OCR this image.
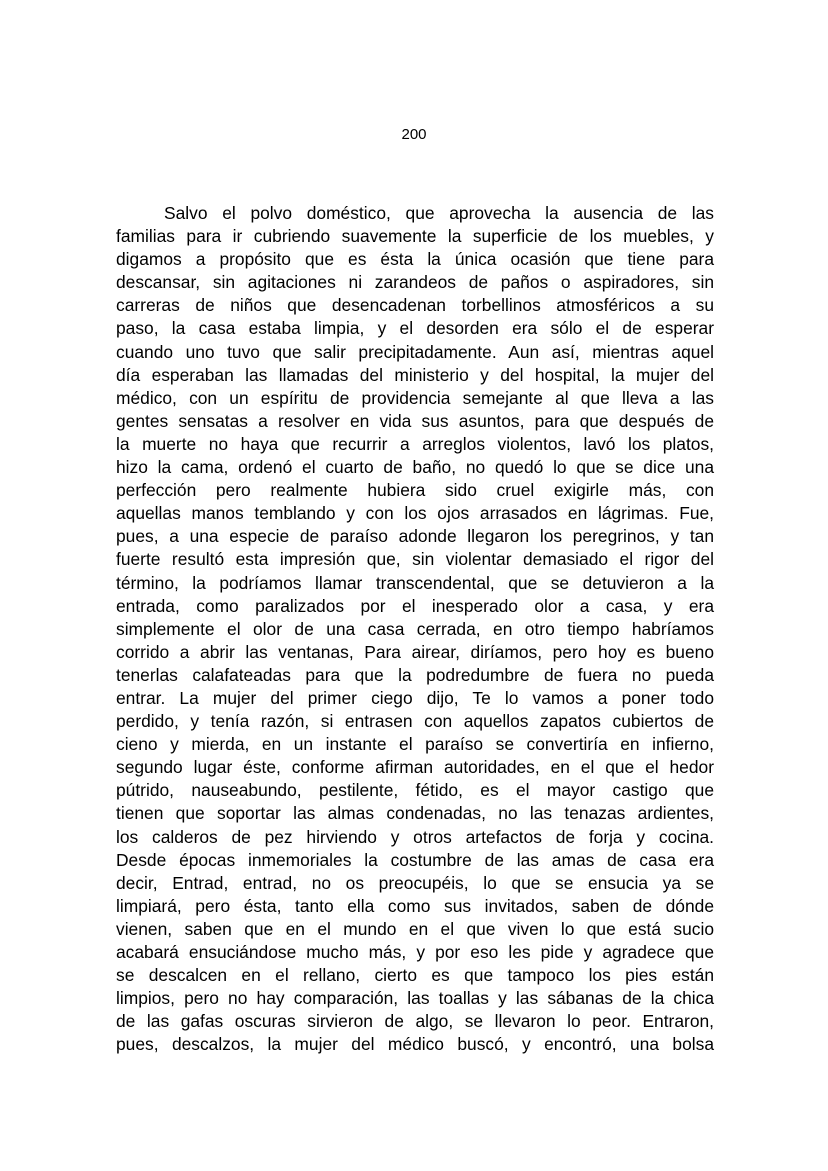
200
Salvo el polvo doméstico, que aprovecha la ausencia de las
familias para ir cubriendo suavemente la superficie de los muebles, y
digamos a propósito que es ésta la única ocasión que tiene para
descansar, sin agitaciones ni zarandeos de paños o aspiradores, sin
carreras de niños que desencadenan torbellinos atmosféricos a su
paso, la casa estaba limpia, y el desorden era sólo el de esperar
cuando uno tuvo que salir precipitadamente. Aun así, mientras aquel
día esperaban las llamadas del ministerio y del hospital, la mujer del
médico, con un espíritu de providencia semejante al que lleva a las
gentes sensatas a resolver en vida sus asuntos, para que después de
la muerte no haya que recurrir a arreglos violentos, lavó los platos,
hizo la cama, ordenó el cuarto de baño, no quedó lo que se dice una
perfección pero realmente hubiera sido cruel exigirle más, con
aquellas manos temblando y con los ojos arrasados en lágrimas. Fue,
pues, a una especie de paraíso adonde llegaron los peregrinos, y tan
fuerte resultó esta impresión que, sin violentar demasiado el rigor del
término, la podríamos llamar transcendental, que se detuvieron a la
entrada, como paralizados por el inesperado olor a casa, y era
simplemente el olor de una casa cerrada, en otro tiempo habríamos
corrido a abrir las ventanas, Para airear, diríamos, pero hoy es bueno
tenerlas calafateadas para que la podredumbre de fuera no pueda
entrar. La mujer del primer ciego dijo, Te lo vamos a poner todo
perdido, y tenía razón, si entrasen con aquellos zapatos cubiertos de
cieno y mierda, en un instante el paraíso se convertiría en infierno,
segundo lugar éste, conforme afirman autoridades, en el que el hedor
pútrido, nauseabundo, pestilente, fétido, es el mayor castigo que
tienen que soportar las almas condenadas, no las tenazas ardientes,
los calderos de pez hirviendo y otros artefactos de forja y cocina.
Desde épocas inmemoriales la costumbre de las amas de casa era
decir, Entrad, entrad, no os preocupéis, lo que se ensucia ya se
limpiará, pero ésta, tanto ella como sus invitados, saben de dónde
vienen, saben que en el mundo en el que viven lo que está sucio
acabará ensuciándose mucho más, y por eso les pide y agradece que
se descalcen en el rellano, cierto es que tampoco los pies están
limpios, pero no hay comparación, las toallas y las sábanas de la chica
de las gafas oscuras sirvieron de algo, se llevaron lo peor. Entraron,
pues, descalzos, la mujer del médico buscó, y encontró, una bolsa
